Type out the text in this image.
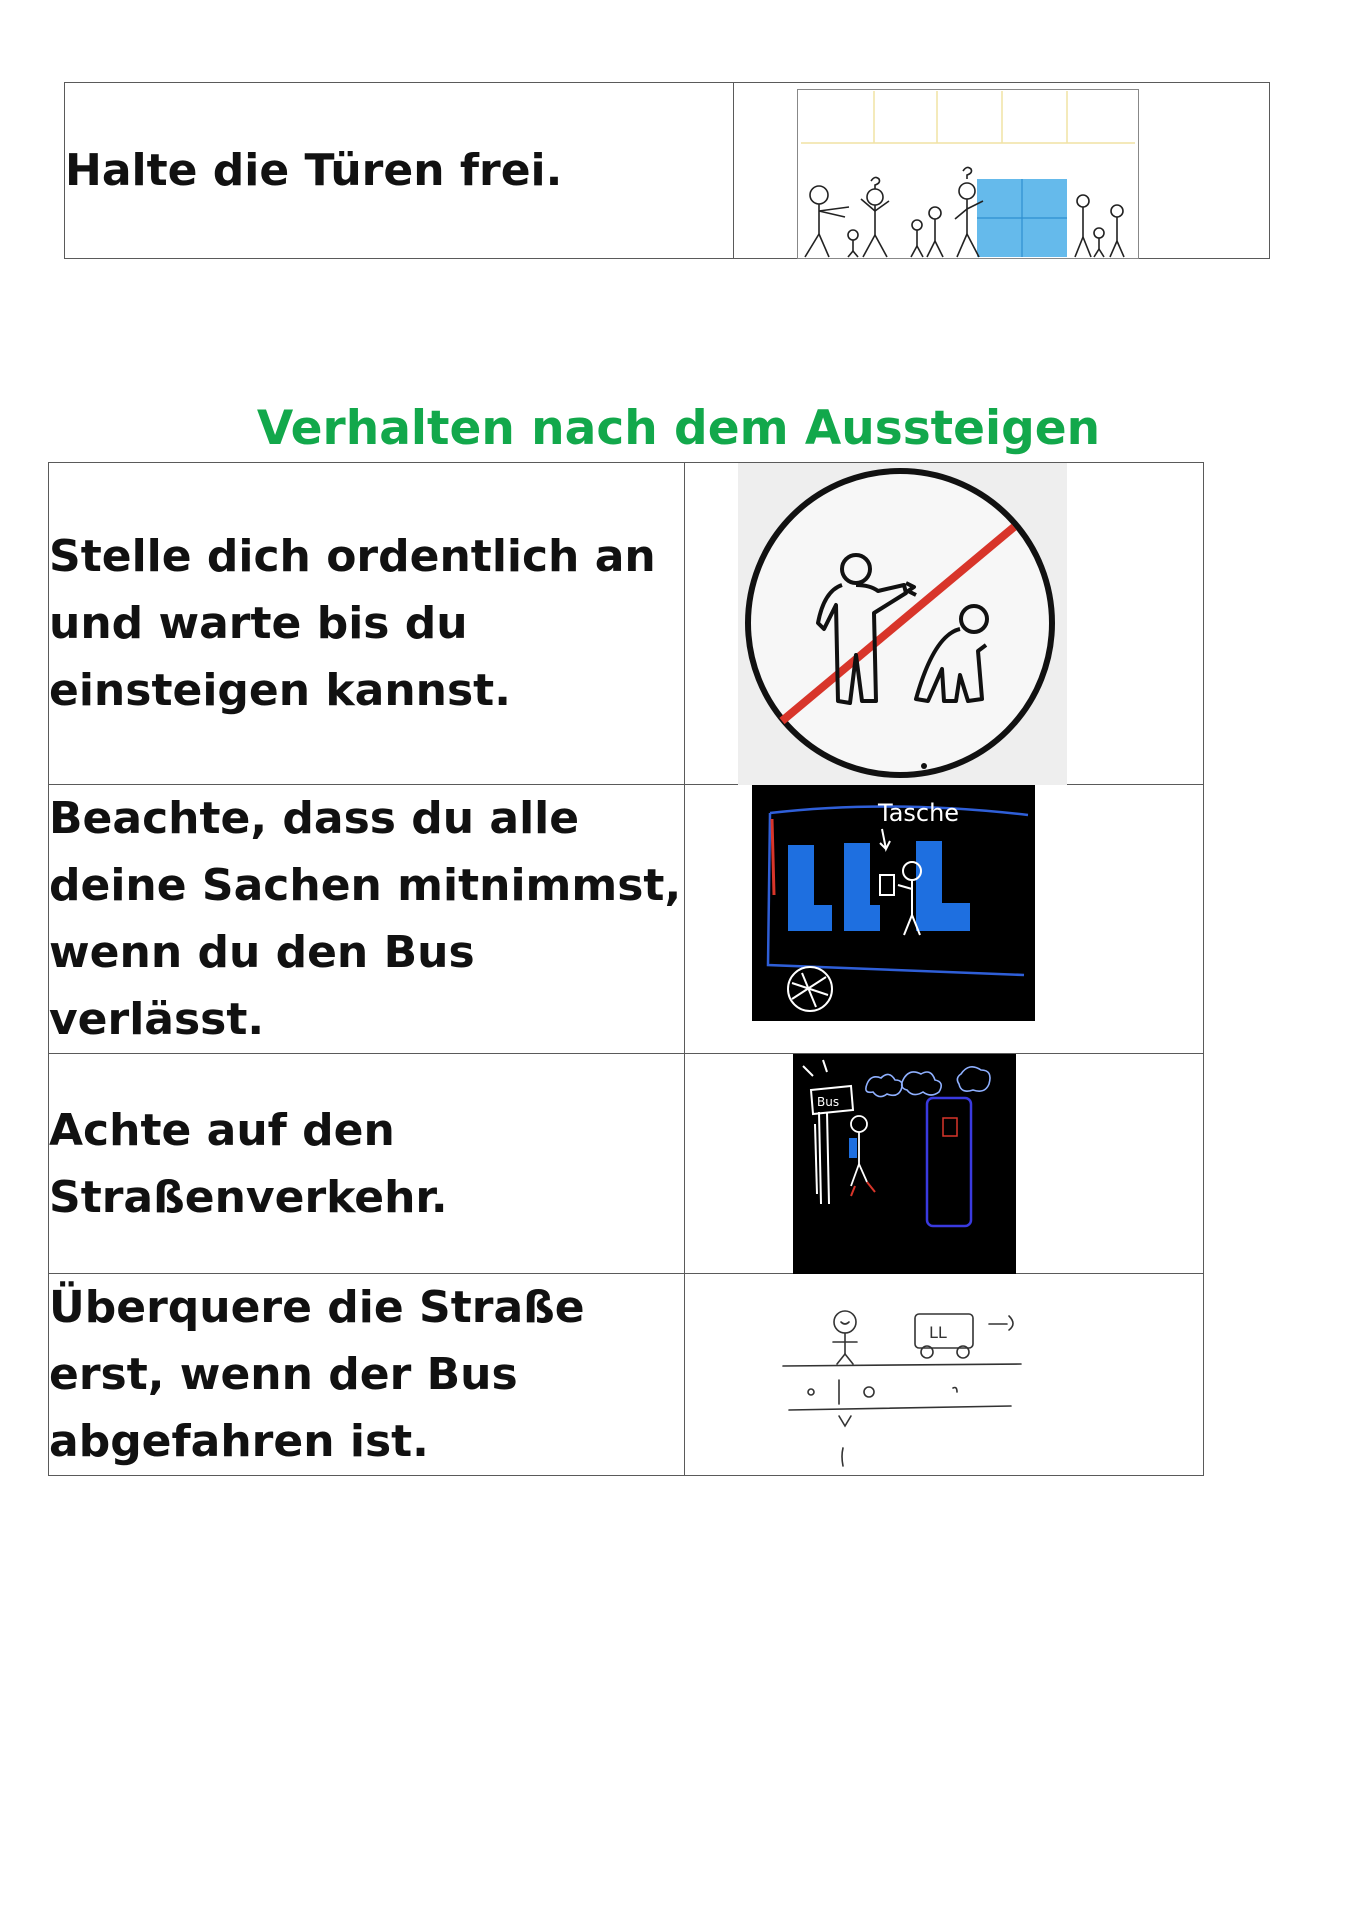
Halte die Türen frei.	
Verhalten nach dem Aussteigen
Stelle dich ordentlich an und warte bis du einsteigen kannst.	

Beachte, dass du alle deine Sachen mitnimmst, wenn du den Bus verlässt.	Tasche

Achte auf den Straßenverkehr.	Bus

Überquere die Straße erst, wenn der Bus abgefahren ist.	LL
